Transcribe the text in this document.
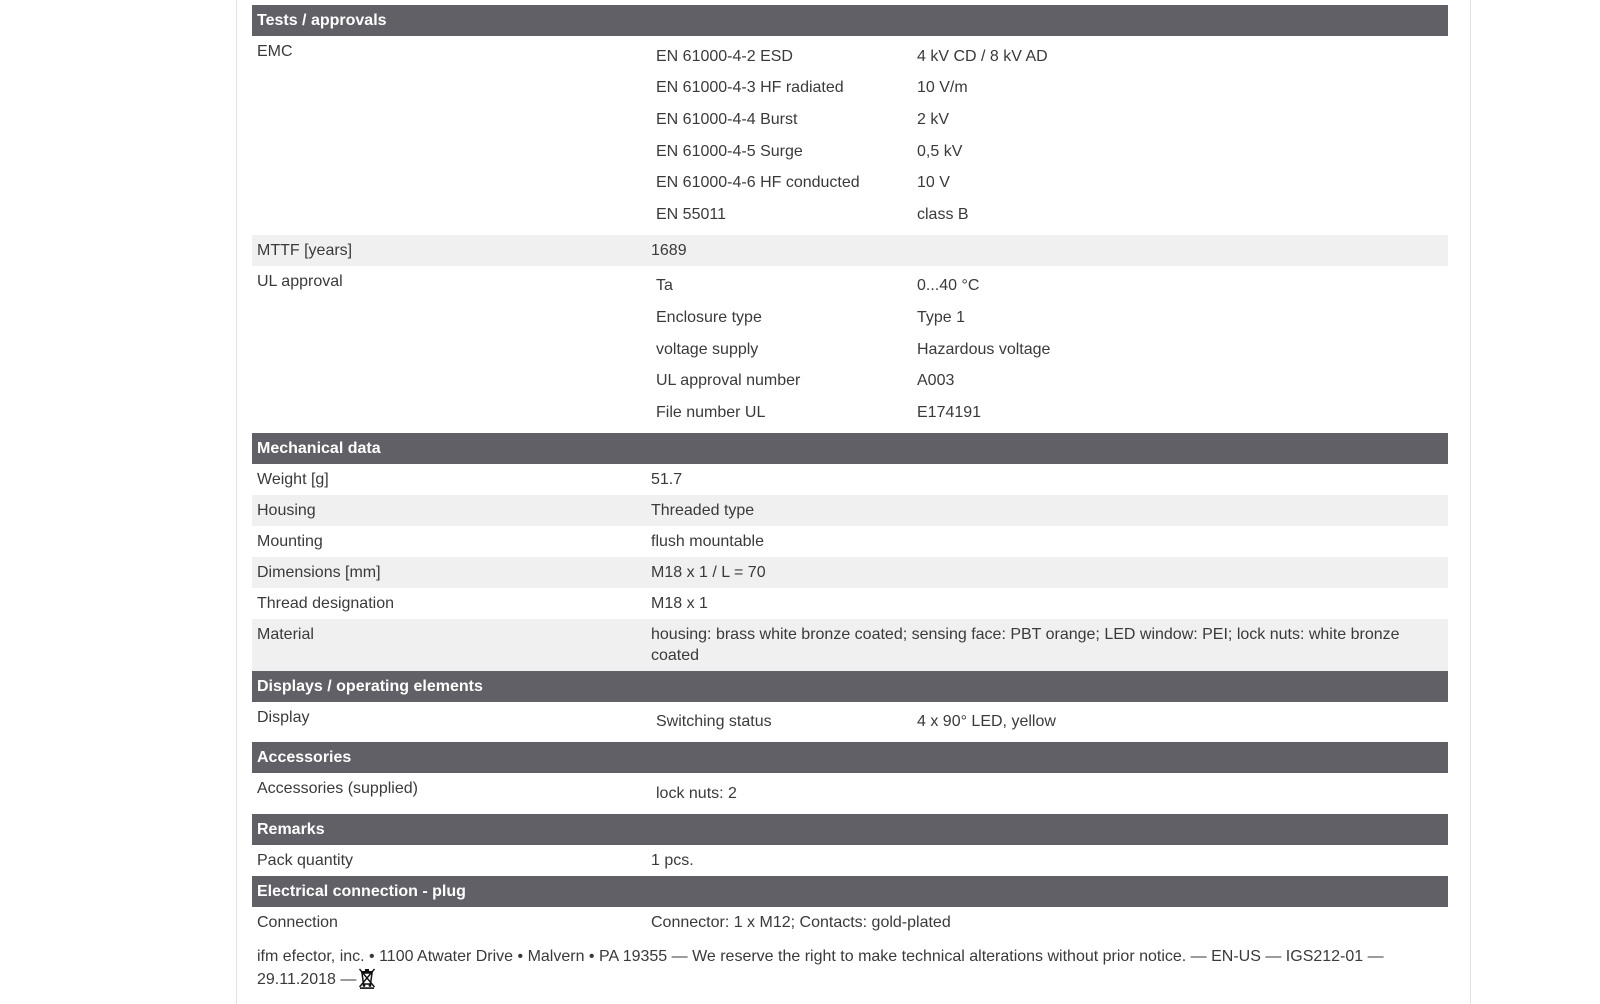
Tests / approvals
EMC	EN 61000-4-2 ESD	4 kV CD / 8 kV AD
EN 61000-4-3 HF radiated	10 V/m
EN 61000-4-4 Burst	2 kV
EN 61000-4-5 Surge	0,5 kV
EN 61000-4-6 HF conducted	10 V
EN 55011	class B
MTTF [years]	1689
UL approval	Ta	0...40 °C
Enclosure type	Type 1
voltage supply	Hazardous voltage
UL approval number	A003
File number UL	E174191
Mechanical data
Weight [g]	51.7
Housing	Threaded type
Mounting	flush mountable
Dimensions [mm]	M18 x 1 / L = 70
Thread designation	M18 x 1
Material	housing: brass white bronze coated; sensing face: PBT orange; LED window: PEI; lock nuts: white bronze coated
Displays / operating elements
Display	Switching status	4 x 90° LED, yellow
Accessories
Accessories (supplied)	lock nuts: 2
Remarks
Pack quantity	1 pcs.
Electrical connection - plug
Connection	Connector: 1 x M12; Contacts: gold-plated
ifm efector, inc. • 1100 Atwater Drive • Malvern • PA 19355 — We reserve the right to make technical alterations without prior notice. — EN-US — IGS212-01 — 29.11.2018 —
